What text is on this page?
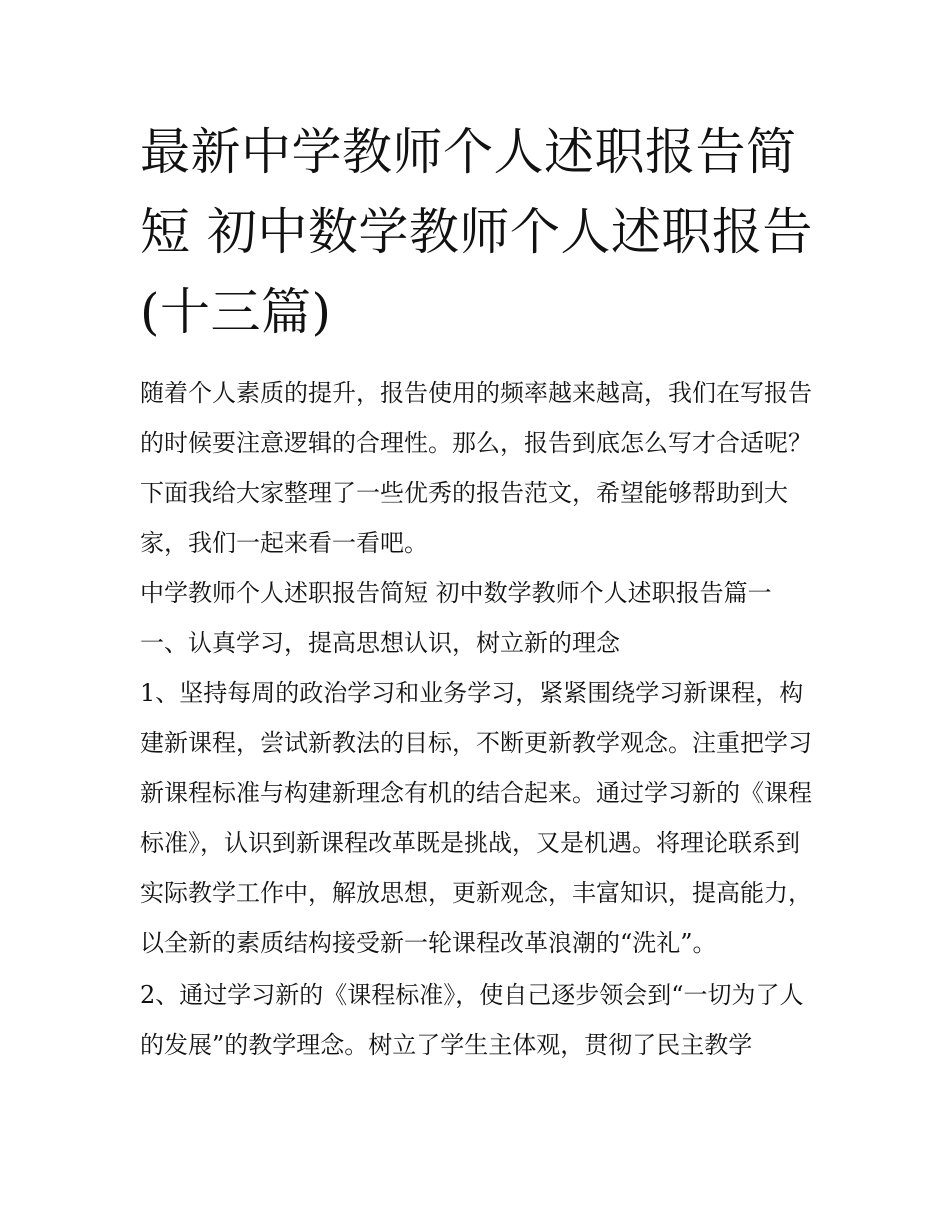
最新中学教师个人述职报告简短 初中数学教师个人述职报告(十三篇)

随着个人素质的提升，报告使用的频率越来越高，我们在写报告的时候要注意逻辑的合理性。那么，报告到底怎么写才合适呢？下面我给大家整理了一些优秀的报告范文，希望能够帮助到大家，我们一起来看一看吧。

中学教师个人述职报告简短 初中数学教师个人述职报告篇一

一、认真学习，提高思想认识，树立新的理念

1、坚持每周的政治学习和业务学习，紧紧围绕学习新课程，构建新课程，尝试新教法的目标，不断更新教学观念。注重把学习新课程标准与构建新理念有机的结合起来。通过学习新的《课程标准》，认识到新课程改革既是挑战，又是机遇。将理论联系到实际教学工作中，解放思想，更新观念，丰富知识，提高能力，以全新的素质结构接受新一轮课程改革浪潮的“洗礼”。

2、通过学习新的《课程标准》，使自己逐步领会到“一切为了人的发展”的教学理念。树立了学生主体观，贯彻了民主教学
